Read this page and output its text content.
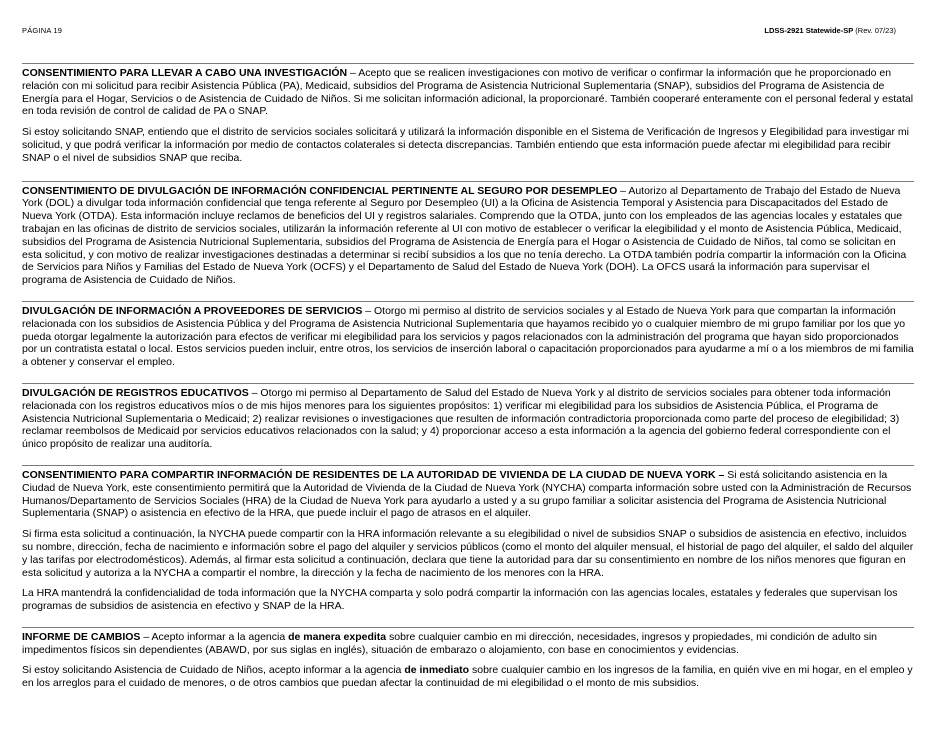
PÁGINA 19	LDSS-2921 Statewide-SP (Rev. 07/23)

CONSENTIMIENTO PARA LLEVAR A CABO UNA INVESTIGACIÓN – Acepto que se realicen investigaciones con motivo de verificar o confirmar la información que he proporcionado en relación con mi solicitud para recibir Asistencia Pública (PA), Medicaid, subsidios del Programa de Asistencia Nutricional Suplementaria (SNAP), subsidios del Programa de Asistencia de Energía para el Hogar, Servicios o de Asistencia de Cuidado de Niños. Si me solicitan información adicional, la proporcionaré. También cooperaré enteramente con el personal federal y estatal en toda revisión de control de calidad de PA o SNAP.

Si estoy solicitando SNAP, entiendo que el distrito de servicios sociales solicitará y utilizará la información disponible en el Sistema de Verificación de Ingresos y Elegibilidad para investigar mi solicitud, y que podrá verificar la información por medio de contactos colaterales si detecta discrepancias. También entiendo que esta información puede afectar mi elegibilidad para recibir SNAP o el nivel de subsidios SNAP que reciba.

CONSENTIMIENTO DE DIVULGACIÓN DE INFORMACIÓN CONFIDENCIAL PERTINENTE AL SEGURO POR DESEMPLEO – Autorizo al Departamento de Trabajo del Estado de Nueva York (DOL) a divulgar toda información confidencial que tenga referente al Seguro por Desempleo (UI) a la Oficina de Asistencia Temporal y Asistencia para Discapacitados del Estado de Nueva York (OTDA). Esta información incluye reclamos de beneficios del UI y registros salariales. Comprendo que la OTDA, junto con los empleados de las agencias locales y estatales que trabajan en las oficinas de distrito de servicios sociales, utilizarán la información referente al UI con motivo de establecer o verificar la elegibilidad y el monto de Asistencia Pública, Medicaid, subsidios del Programa de Asistencia Nutricional Suplementaria, subsidios del Programa de Asistencia de Energía para el Hogar o Asistencia de Cuidado de Niños, tal como se solicitan en esta solicitud, y con motivo de realizar investigaciones destinadas a determinar si recibí subsidios a los que no tenía derecho. La OTDA también podría compartir la información con la Oficina de Servicios para Niños y Familias del Estado de Nueva York (OCFS) y el Departamento de Salud del Estado de Nueva York (DOH). La OFCS usará la información para supervisar el programa de Asistencia de Cuidado de Niños.

DIVULGACIÓN DE INFORMACIÓN A PROVEEDORES DE SERVICIOS – Otorgo mi permiso al distrito de servicios sociales y al Estado de Nueva York para que compartan la información relacionada con los subsidios de Asistencia Pública y del Programa de Asistencia Nutricional Suplementaria que hayamos recibido yo o cualquier miembro de mi grupo familiar por los que yo pueda otorgar legalmente la autorización para efectos de verificar mi elegibilidad para los servicios y pagos relacionados con la administración del programa que hayan sido proporcionados por un contratista estatal o local. Estos servicios pueden incluir, entre otros, los servicios de inserción laboral o capacitación proporcionados para ayudarme a mí o a los miembros de mi familia a obtener y conservar el empleo.

DIVULGACIÓN DE REGISTROS EDUCATIVOS – Otorgo mi permiso al Departamento de Salud del Estado de Nueva York y al distrito de servicios sociales para obtener toda información relacionada con los registros educativos míos o de mis hijos menores para los siguientes propósitos: 1) verificar mi elegibilidad para los subsidios de Asistencia Pública, el Programa de Asistencia Nutricional Suplementaria o Medicaid; 2) realizar revisiones o investigaciones que resulten de información contradictoria proporcionada como parte del proceso de elegibilidad; 3) reclamar reembolsos de Medicaid por servicios educativos relacionados con la salud; y 4) proporcionar acceso a esta información a la agencia del gobierno federal correspondiente con el único propósito de realizar una auditoría.

CONSENTIMIENTO PARA COMPARTIR INFORMACIÓN DE RESIDENTES DE LA AUTORIDAD DE VIVIENDA DE LA CIUDAD DE NUEVA YORK – Si está solicitando asistencia en la Ciudad de Nueva York, este consentimiento permitirá que la Autoridad de Vivienda de la Ciudad de Nueva York (NYCHA) comparta información sobre usted con la Administración de Recursos Humanos/Departamento de Servicios Sociales (HRA) de la Ciudad de Nueva York para ayudarlo a usted y a su grupo familiar a solicitar asistencia del Programa de Asistencia Nutricional Suplementaria (SNAP) o asistencia en efectivo de la HRA, que puede incluir el pago de atrasos en el alquiler.

Si firma esta solicitud a continuación, la NYCHA puede compartir con la HRA información relevante a su elegibilidad o nivel de subsidios SNAP o subsidios de asistencia en efectivo, incluidos su nombre, dirección, fecha de nacimiento e información sobre el pago del alquiler y servicios públicos (como el monto del alquiler mensual, el historial de pago del alquiler, el saldo del alquiler y las tarifas por electrodomésticos). Además, al firmar esta solicitud a continuación, declara que tiene la autoridad para dar su consentimiento en nombre de los niños menores que figuran en esta solicitud y autoriza a la NYCHA a compartir el nombre, la dirección y la fecha de nacimiento de los menores con la HRA.

La HRA mantendrá la confidencialidad de toda información que la NYCHA comparta y solo podrá compartir la información con las agencias locales, estatales y federales que supervisan los programas de subsidios de asistencia en efectivo y SNAP de la HRA.

INFORME DE CAMBIOS – Acepto informar a la agencia de manera expedita sobre cualquier cambio en mi dirección, necesidades, ingresos y propiedades, mi condición de adulto sin impedimentos físicos sin dependientes (ABAWD, por sus siglas en inglés), situación de embarazo o alojamiento, con base en conocimientos y evidencias.

Si estoy solicitando Asistencia de Cuidado de Niños, acepto informar a la agencia de inmediato sobre cualquier cambio en los ingresos de la familia, en quién vive en mi hogar, en el empleo y en los arreglos para el cuidado de menores, o de otros cambios que puedan afectar la continuidad de mi elegibilidad o el monto de mis subsidios.
